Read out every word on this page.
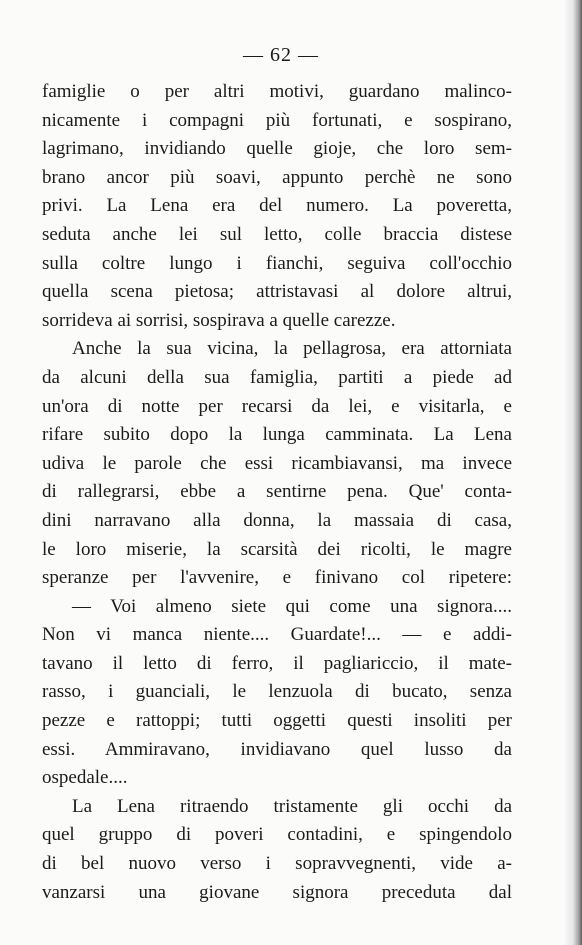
— 62 —
famiglie o per altri motivi, guardano malinco-
nicamente i compagni più fortunati, e sospirano,
lagrimano, invidiando quelle gioje, che loro sem-
brano ancor più soavi, appunto perchè ne sono
privi. La Lena era del numero. La poveretta,
seduta anche lei sul letto, colle braccia distese
sulla coltre lungo i fianchi, seguiva coll'occhio
quella scena pietosa; attristavasi al dolore altrui,
sorrideva ai sorrisi, sospirava a quelle carezze.
Anche la sua vicina, la pellagrosa, era attorniata
da alcuni della sua famiglia, partiti a piede ad
un'ora di notte per recarsi da lei, e visitarla, e
rifare subito dopo la lunga camminata. La Lena
udiva le parole che essi ricambiavansi, ma invece
di rallegrarsi, ebbe a sentirne pena. Que' conta-
dini narravano alla donna, la massaia di casa,
le loro miserie, la scarsità dei ricolti, le magre
speranze per l'avvenire, e finivano col ripetere:
— Voi almeno siete qui come una signora....
Non vi manca niente.... Guardate!... — e addi-
tavano il letto di ferro, il pagliariccio, il mate-
rasso, i guanciali, le lenzuola di bucato, senza
pezze e rattoppi; tutti oggetti questi insoliti per
essi. Ammiravano, invidiavano quel lusso da
ospedale....
La Lena ritraendo tristamente gli occhi da
quel gruppo di poveri contadini, e spingendolo
di bel nuovo verso i sopravvegnenti, vide a-
vanzarsi una giovane signora preceduta dal
